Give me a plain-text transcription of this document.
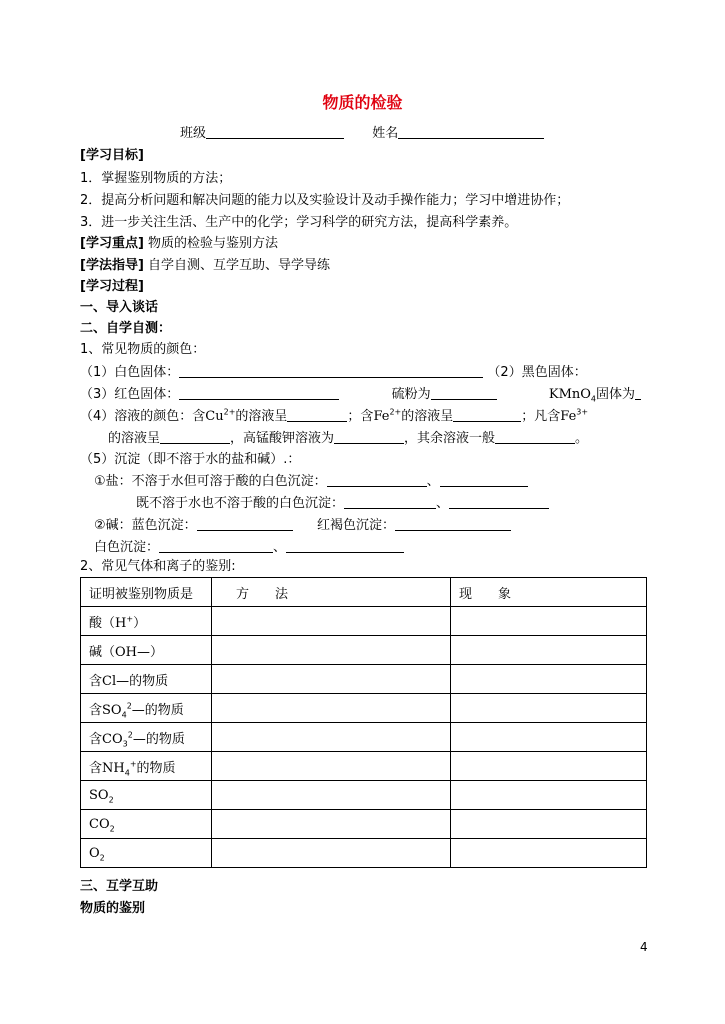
物质的检验
班级	姓名
[学习目标]
1．掌握鉴别物质的方法；
2．提高分析问题和解决问题的能力以及实验设计及动手操作能力；学习中增进协作；
3．进一步关注生活、生产中的化学；学习科学的研究方法，提高科学素养。
[学习重点] 物质的检验与鉴别方法
[学法指导] 自学自测、互学互助、导学导练
[学习过程]
一、导入谈话
二、自学自测：
1、常见物质的颜色：
（1）白色固体：	（2）黑色固体：
（3）红色固体：	硫粉为	KMnO$_4$固体为
（4）溶液的颜色：含$Cu^{2+}$的溶液呈	；含$Fe^{2+}$的溶液呈	；凡含$Fe^{3+}$
的溶液呈	，高锰酸钾溶液为	，其余溶液一般	。
（5）沉淀（即不溶于水的盐和碱）.：
①盐：不溶于水但可溶于酸的白色沉淀：	、
既不溶于水也不溶于酸的白色沉淀：	、
②碱：蓝色沉淀：	红褐色沉淀：
白色沉淀：	、
2、常见气体和离子的鉴别:
证明被鉴别物质是	方　　法	现　　象
酸（H+）		
碱（OH—）		
含Cl—的物质		
含$SO_4^2—$的物质		
含$CO_3^2—$的物质		
含$NH_4^+$的物质		
$SO_2$		
$CO_2$		
$O_2$		
三、互学互助
物质的鉴别
4
